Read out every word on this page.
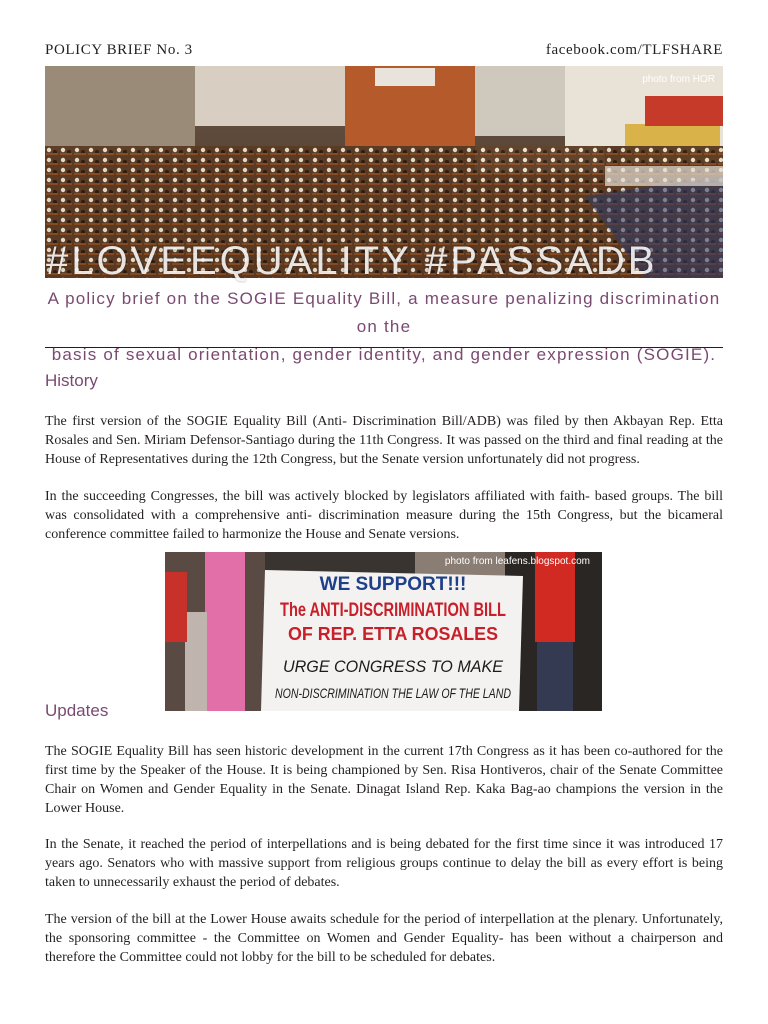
POLICY BRIEF No. 3	facebook.com/TLFSHARE
photo from HOR
#LOVEEQUALITY #PASSADB
A policy brief on the SOGIE Equality Bill, a measure penalizing discrimination on the
basis of sexual orientation, gender identity, and gender expression (SOGIE).
History
The first version of the SOGIE Equality Bill (Anti- Discrimination Bill/ADB) was filed by then Akbayan Rep. Etta Rosales and Sen. Miriam Defensor-Santiago during the 11th Congress. It was passed on the third and final reading at the House of Representatives during the 12th Congress, but the Senate version unfortunately did not progress.
In the succeeding Congresses, the bill was actively blocked by legislators affiliated with faith- based groups. The bill was consolidated with a comprehensive anti- discrimination measure during the 15th Congress, but the bicameral conference committee failed to harmonize the House and Senate versions.
WE SUPPORT!!!
The ANTI-DISCRIMINATION BILL
OF REP. ETTA ROSALES
URGE CONGRESS TO MAKE
NON-DISCRIMINATION THE LAW OF THE LAND
photo from leafens.blogspot.com
Updates
The SOGIE Equality Bill has seen historic development in the current 17th Congress as it has been co-authored for the first time by the Speaker of the House. It is being championed by Sen. Risa Hontiveros, chair of the Senate Committee Chair on Women and Gender Equality in the Senate. Dinagat Island Rep. Kaka Bag-ao champions the version in the Lower House.
In the Senate, it reached the period of interpellations and is being debated for the first time since it was introduced 17 years ago. Senators who with massive support from religious groups continue to delay the bill as every effort is being taken to unnecessarily exhaust the period of debates.
The version of the bill at the Lower House awaits schedule for the period of interpellation at the plenary. Unfortunately, the sponsoring committee - the Committee on Women and Gender Equality- has been without a chairperson and therefore the Committee could not lobby for the bill to be scheduled for debates.
